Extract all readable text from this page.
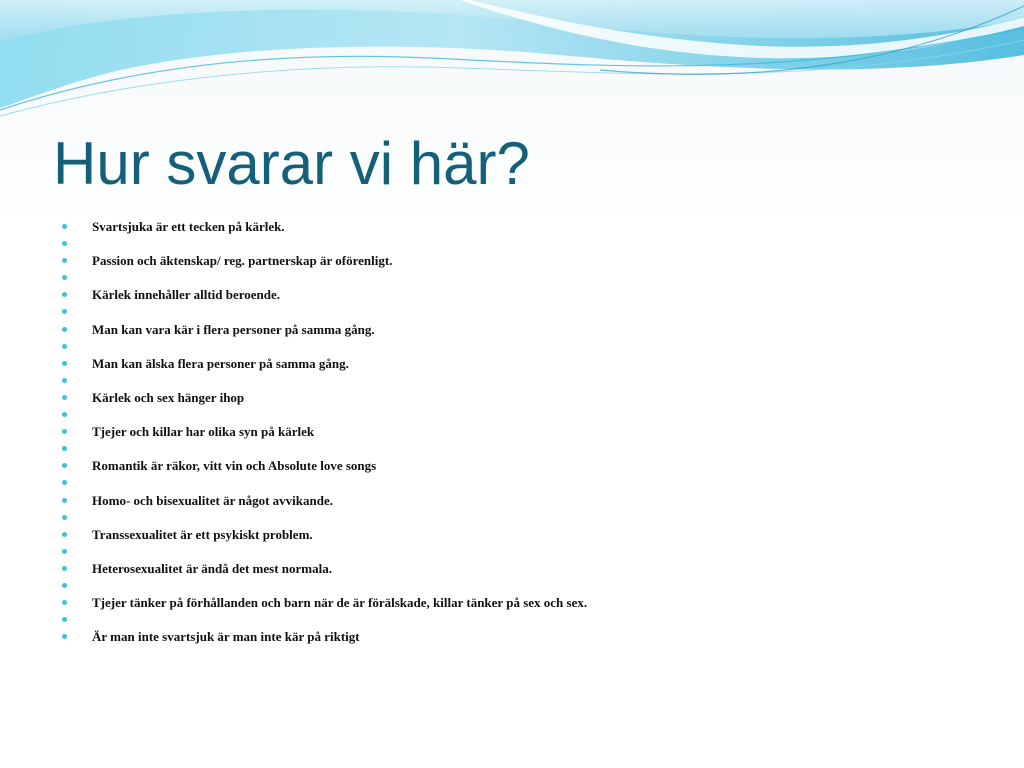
Hur svarar vi här?
Svartsjuka är ett tecken på kärlek.
Passion och äktenskap/ reg. partnerskap är oförenligt.
Kärlek innehåller alltid beroende.
Man kan vara kär i flera personer på samma gång.
Man kan älska flera personer på samma gång.
Kärlek och sex hänger ihop
Tjejer och killar har olika syn på kärlek
Romantik är räkor, vitt vin och Absolute love songs
Homo- och bisexualitet är något avvikande.
Transsexualitet är ett psykiskt problem.
Heterosexualitet är ändå det mest normala.
Tjejer tänker på förhållanden och barn när de är förälskade, killar tänker på sex och sex.
Är man inte svartsjuk är man inte kär på riktigt
